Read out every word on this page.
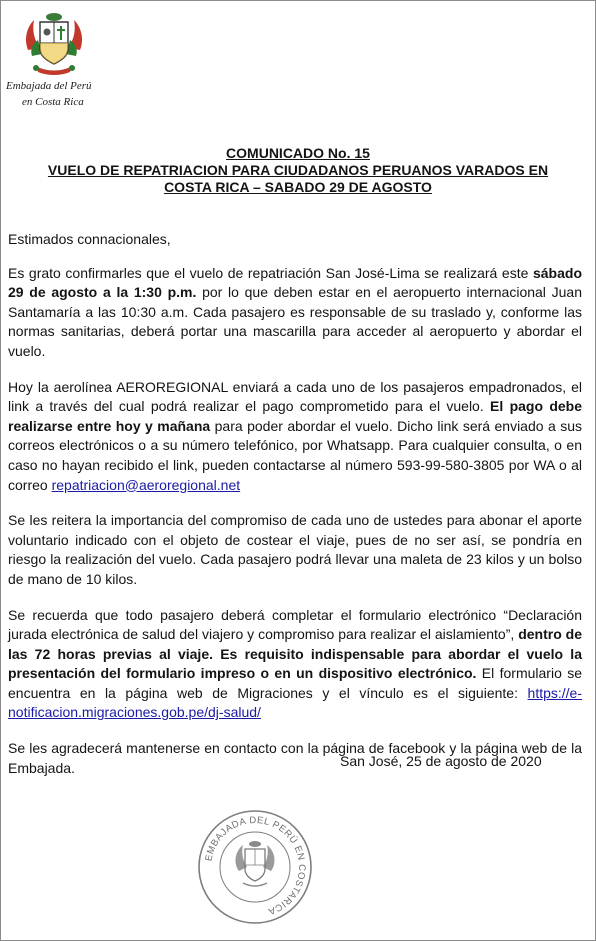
Embajada del Perú
en Costa Rica
COMUNICADO No. 15
VUELO DE REPATRIACION PARA CIUDADANOS PERUANOS VARADOS EN
COSTA RICA – SABADO 29 DE AGOSTO

Estimados connacionales,

Es grato confirmarles que el vuelo de repatriación San José-Lima se realizará este sábado 29 de agosto a la 1:30 p.m. por lo que deben estar en el aeropuerto internacional Juan Santamaría a las 10:30 a.m. Cada pasajero es responsable de su traslado y, conforme las normas sanitarias, deberá portar una mascarilla para acceder al aeropuerto y abordar el vuelo.

Hoy la aerolínea AEROREGIONAL enviará a cada uno de los pasajeros empadronados, el link a través del cual podrá realizar el pago comprometido para el vuelo. El pago debe realizarse entre hoy y mañana para poder abordar el vuelo. Dicho link será enviado a sus correos electrónicos o a su número telefónico, por Whatsapp. Para cualquier consulta, o en caso no hayan recibido el link, pueden contactarse al número 593-99-580-3805 por WA o al correo repatriacion@aeroregional.net

Se les reitera la importancia del compromiso de cada uno de ustedes para abonar el aporte voluntario indicado con el objeto de costear el viaje, pues de no ser así, se pondría en riesgo la realización del vuelo. Cada pasajero podrá llevar una maleta de 23 kilos y un bolso de mano de 10 kilos.

Se recuerda que todo pasajero deberá completar el formulario electrónico “Declaración jurada electrónica de salud del viajero y compromiso para realizar el aislamiento”, dentro de las 72 horas previas al viaje. Es requisito indispensable para abordar el vuelo la presentación del formulario impreso o en un dispositivo electrónico. El formulario se encuentra en la página web de Migraciones y el vínculo es el siguiente: https://e-notificacion.migraciones.gob.pe/dj-salud/

Se les agradecerá mantenerse en contacto con la página de facebook y la página web de la Embajada.	San José, 25 de agosto de 2020
EMBAJADA DEL PERÚ EN COSTARICA
